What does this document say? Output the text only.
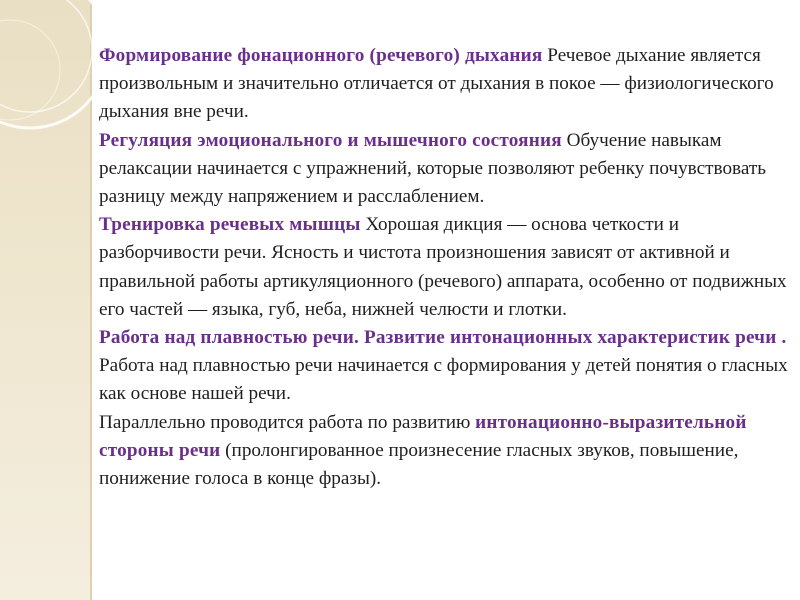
Формирование фонационного (речевого) дыхания Речевое дыхание является произвольным и значительно отличается от дыхания в покое — физиологического дыхания вне речи.

Регуляция эмоционального и мышечного состояния Обучение навыкам релаксации начинается с упражнений, которые позволяют ребенку почувствовать разницу между напряжением и расслаблением.

Тренировка речевых мышцы Хорошая дикция — основа четкости и разборчивости речи. Ясность и чистота произношения зависят от активной и правильной работы артикуляционного (речевого) аппарата, особенно от подвижных его частей — языка, губ, неба, нижней челюсти и глотки.

Работа над плавностью речи. Развитие интонационных характеристик речи . Работа над плавностью речи начинается с формирования у детей понятия о гласных как основе нашей речи.
Параллельно проводится работа по развитию интонационно-выразительной стороны речи (пролонгированное произнесение гласных звуков, повышение, понижение голоса в конце фразы).
